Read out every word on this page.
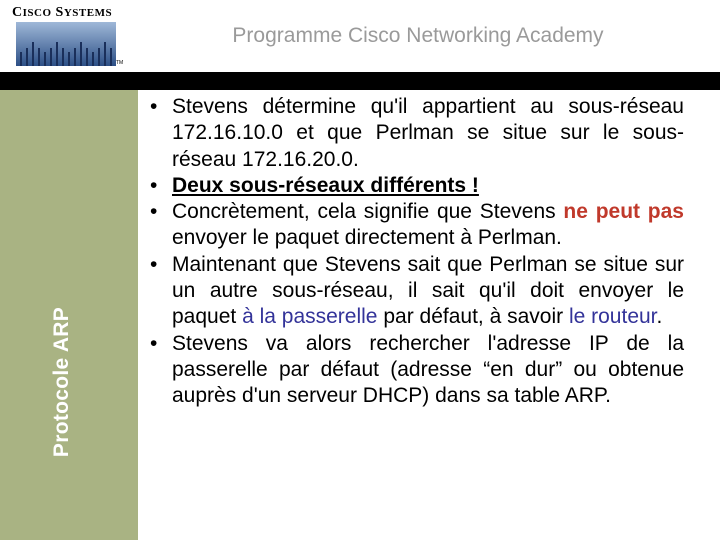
CISCO SYSTEMS
TM
Programme Cisco Networking Academy
Protocole ARP
• Stevens détermine qu'il appartient au sous-réseau 172.16.10.0 et que Perlman se situe sur le sous-réseau 172.16.20.0.
• Deux sous-réseaux différents !
• Concrètement, cela signifie que Stevens ne peut pas envoyer le paquet directement à Perlman.
• Maintenant que Stevens sait que Perlman se situe sur un autre sous-réseau, il sait qu'il doit envoyer le paquet à la passerelle par défaut, à savoir le routeur.
• Stevens va alors rechercher l'adresse IP de la passerelle par défaut (adresse “en dur” ou obtenue auprès d'un serveur DHCP) dans sa table ARP.
